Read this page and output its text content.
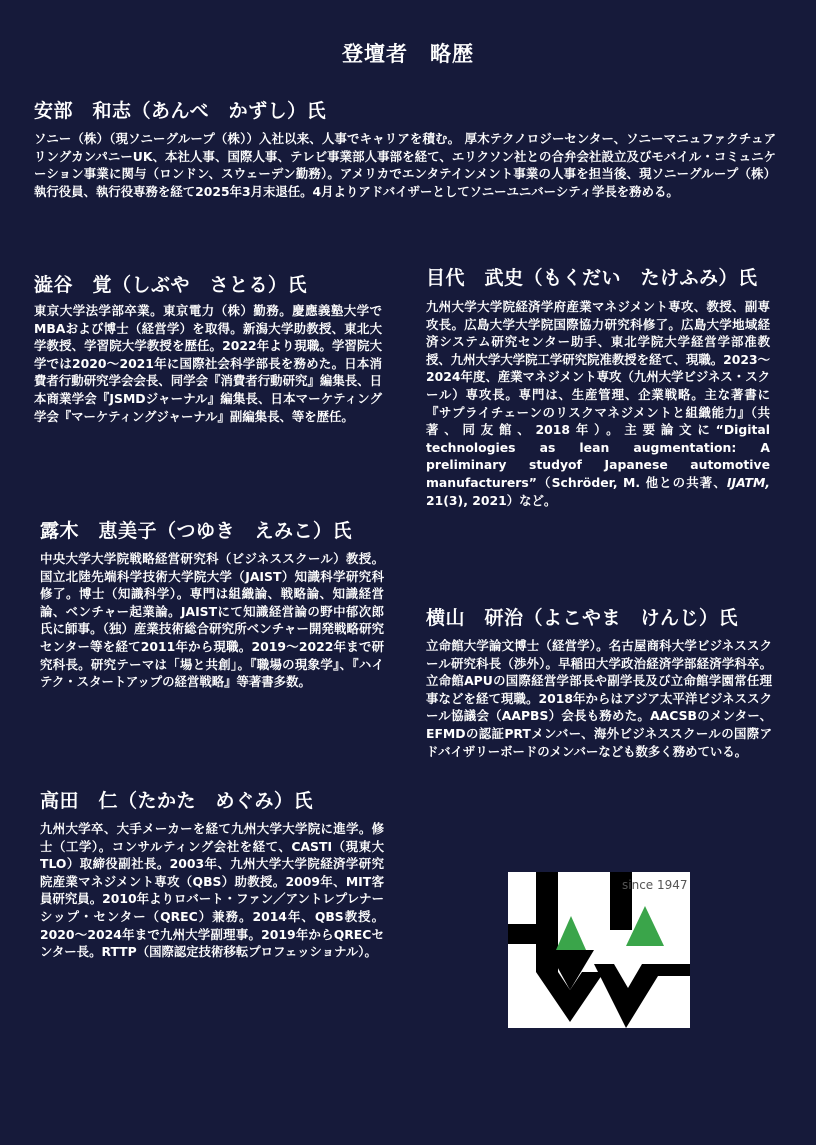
登壇者　略歴
安部　和志（あんべ　かずし）氏

ソニー（株）（現ソニーグループ（株））入社以来、人事でキャリアを積む。 厚木テクノロジーセンター、ソニーマニュファクチュアリングカンパニーUK、本社人事、国際人事、テレビ事業部人事部を経て、エリクソン社との合弁会社設立及びモバイル・コミュニケーション事業に関与（ロンドン、スウェーデン勤務）。アメリカでエンタテインメント事業の人事を担当後、現ソニーグループ（株）執行役員、執行役専務を経て2025年3月末退任。4月よりアドバイザーとしてソニーユニバーシティ学長を務める。

澁谷　覚（しぶや　さとる）氏

東京大学法学部卒業。東京電力（株）勤務。慶應義塾大学でMBAおよび博士（経営学）を取得。新潟大学助教授、東北大学教授、学習院大学教授を歴任。2022年より現職。学習院大学では2020～2021年に国際社会科学部長を務めた。日本消費者行動研究学会会長、同学会『消費者行動研究』編集長、日本商業学会『JSMDジャーナル』編集長、日本マーケティング学会『マーケティングジャーナル』副編集長、等を歴任。

目代　武史（もくだい　たけふみ）氏

九州大学大学院経済学府産業マネジメント専攻、教授、副専攻長。広島大学大学院国際協力研究科修了。広島大学地域経済システム研究センター助手、東北学院大学経営学部准教授、九州大学大学院工学研究院准教授を経て、現職。2023～2024年度、産業マネジメント専攻（九州大学ビジネス・スクール）専攻長。専門は、生産管理、企業戦略。主な著書に『サプライチェーンのリスクマネジメントと組織能力』（共著、同友館、2018年）。主要論文に“Digital technologies as lean augmentation: A preliminary studyof Japanese automotive manufacturers”（Schröder, M. 他との共著、IJATM, 21(3), 2021）など。

露木　恵美子（つゆき　えみこ）氏

中央大学大学院戦略経営研究科（ビジネススクール）教授。国立北陸先端科学技術大学院大学（JAIST）知識科学研究科修了。博士（知識科学）。専門は組織論、戦略論、知識経営論、ベンチャー起業論。JAISTにて知識経営論の野中郁次郎氏に師事。（独）産業技術総合研究所ベンチャー開発戦略研究センター等を経て2011年から現職。2019～2022年まで研究科長。研究テーマは「場と共創」。『職場の現象学』、『ハイテク・スタートアップの経営戦略』等著書多数。

横山　研治（よこやま　けんじ）氏

立命館大学論文博士（経営学）。名古屋商科大学ビジネススクール研究科長（渉外）。早稲田大学政治経済学部経済学科卒。立命館APUの国際経営学部長や副学長及び立命館学園常任理事などを経て現職。2018年からはアジア太平洋ビジネススクール協議会（AAPBS）会長も務めた。AACSBのメンター、EFMDの認証PRTメンバー、海外ビジネススクールの国際アドバイザリーボードのメンバーなども数多く務めている。

高田　仁（たかた　めぐみ）氏

九州大学卒、大手メーカーを経て九州大学大学院に進学。修士（工学）。コンサルティング会社を経て、CASTI（現東大TLO）取締役副社長。2003年、九州大学大学院経済学研究院産業マネジメント専攻（QBS）助教授。2009年、MIT客員研究員。2010年よりロバート・ファン／アントレプレナーシップ・センター（QREC）兼務。2014年、QBS教授。2020～2024年まで九州大学副理事。2019年からQRECセンター長。RTTP（国際認定技術移転プロフェッショナル）。

since 1947
